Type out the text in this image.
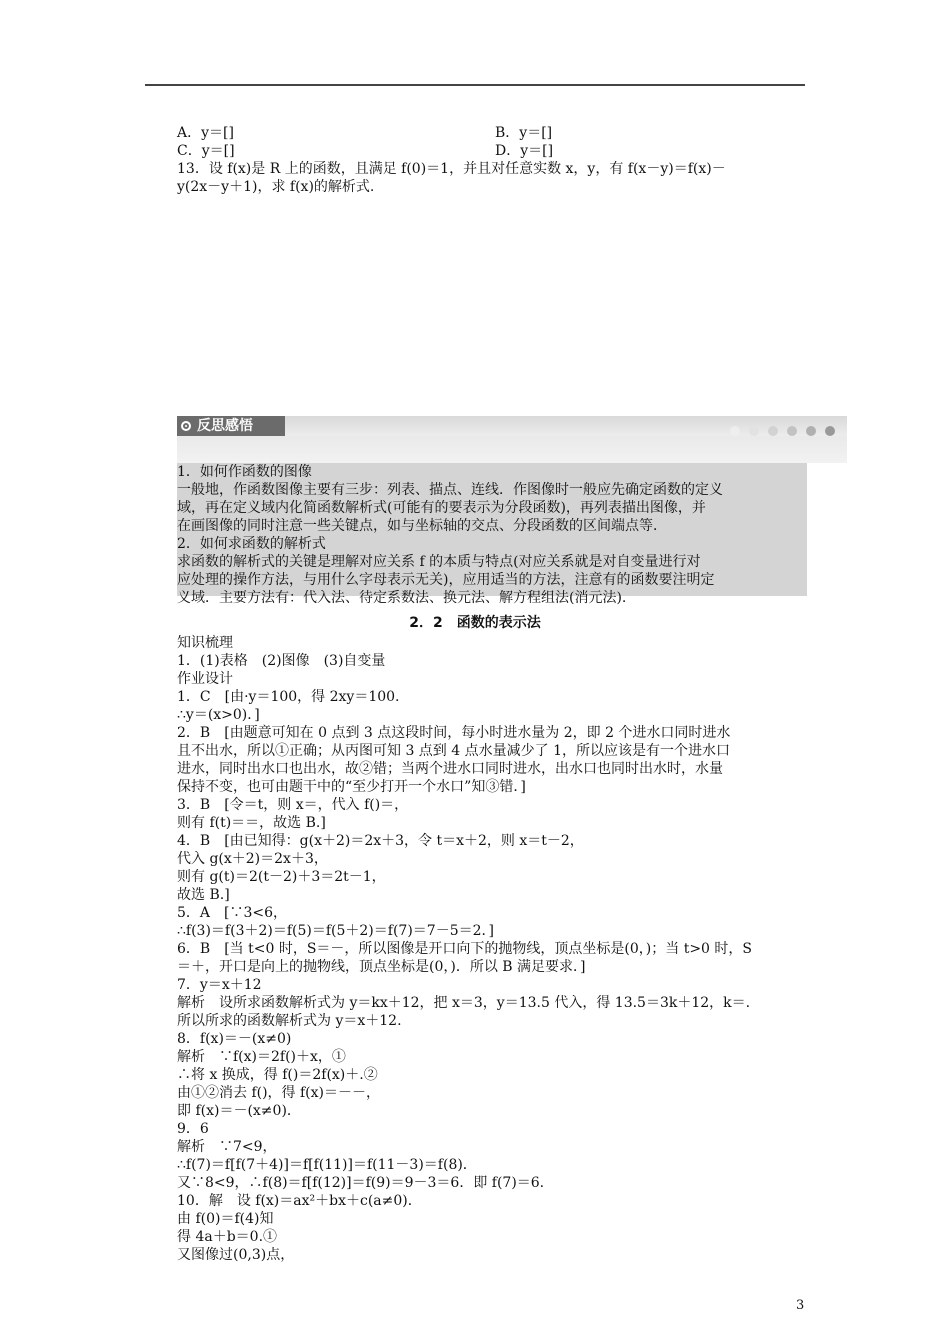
A．y＝[]	B．y＝[]

C．y＝[]	D．y＝[]

13．设 f(x)是 R 上的函数，且满足 f(0)＝1，并且对任意实数 x，y，有 f(x－y)＝f(x)－

y(2x－y＋1)，求 f(x)的解析式.

反思感悟

1．如何作函数的图像

一般地，作函数图像主要有三步：列表、描点、连线．作图像时一般应先确定函数的定义

域，再在定义域内化简函数解析式(可能有的要表示为分段函数)，再列表描出图像，并

在画图像的同时注意一些关键点，如与坐标轴的交点、分段函数的区间端点等．

2．如何求函数的解析式

求函数的解析式的关键是理解对应关系 f 的本质与特点(对应关系就是对自变量进行对

应处理的操作方法，与用什么字母表示无关)，应用适当的方法，注意有的函数要注明定

义域．主要方法有：代入法、待定系数法、换元法、解方程组法(消元法).

2．2　函数的表示法

知识梳理

1．(1)表格　(2)图像　(3)自变量

作业设计

1．C　[由·y＝100，得 2xy＝100.

∴y＝(x>0)．]

2．B　[由题意可知在 0 点到 3 点这段时间，每小时进水量为 2，即 2 个进水口同时进水

且不出水，所以①正确；从丙图可知 3 点到 4 点水量减少了 1，所以应该是有一个进水口

进水，同时出水口也出水，故②错；当两个进水口同时进水，出水口也同时出水时，水量

保持不变，也可由题干中的“至少打开一个水口”知③错．]

3．B　[令＝t，则 x＝，代入 f()＝，

则有 f(t)＝＝，故选 B.]

4．B　[由已知得：g(x＋2)＝2x＋3，令 t＝x＋2，则 x＝t－2，

代入 g(x＋2)＝2x＋3，

则有 g(t)＝2(t－2)＋3＝2t－1，

故选 B.]

5．A　[∵3<6，

∴f(3)＝f(3＋2)＝f(5)＝f(5＋2)＝f(7)＝7－5＝2．]

6．B　[当 t<0 时，S＝－，所以图像是开口向下的抛物线，顶点坐标是(0，)；当 t>0 时，S

＝＋，开口是向上的抛物线，顶点坐标是(0，)．所以 B 满足要求．]

7．y＝x＋12

解析　设所求函数解析式为 y＝kx＋12，把 x＝3，y＝13.5 代入，得 13.5＝3k＋12，k＝.

所以所求的函数解析式为 y＝x＋12.

8．f(x)＝－(x≠0)

解析　∵f(x)＝2f()＋x，①

∴将 x 换成，得 f()＝2f(x)＋.②

由①②消去 f()，得 f(x)＝－－，

即 f(x)＝－(x≠0)．

9．6

解析　∵7<9，

∴f(7)＝f[f(7＋4)]＝f[f(11)]＝f(11－3)＝f(8)．

又∵8<9，∴f(8)＝f[f(12)]＝f(9)＝9－3＝6．即 f(7)＝6.

10．解　设 f(x)＝ax²＋bx＋c(a≠0)．

由 f(0)＝f(4)知

得 4a＋b＝0.①

又图像过(0,3)点，

3
